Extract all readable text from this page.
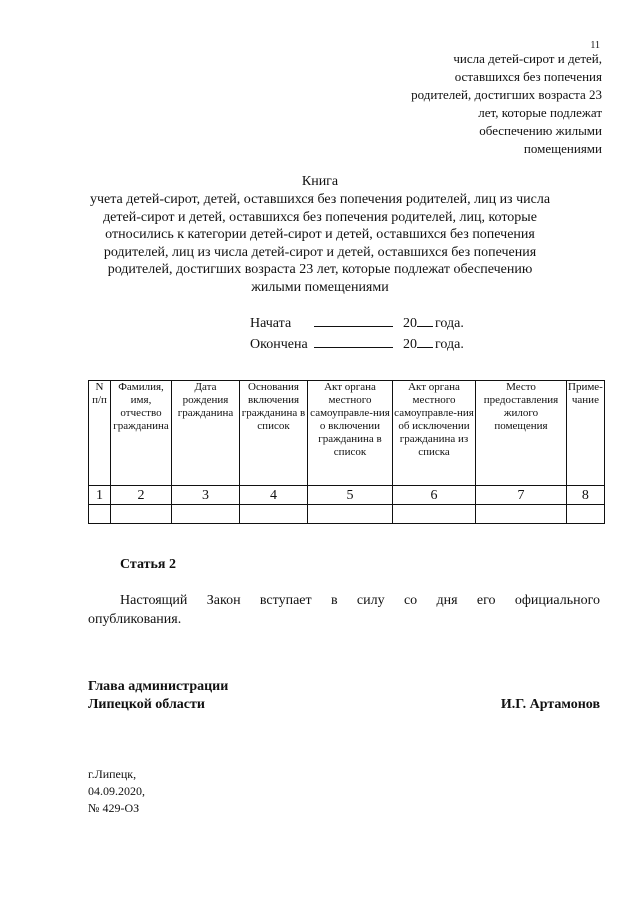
11
числа детей-сирот и детей,
оставшихся без попечения
родителей, достигших возраста 23
лет, которые подлежат
обеспечению жилыми
помещениями
Книга
учета детей-сирот, детей, оставшихся без попечения родителей, лиц из числа
детей-сирот и детей, оставшихся без попечения родителей, лиц, которые
относились к категории детей-сирот и детей, оставшихся без попечения
родителей, лиц из числа детей-сирот и детей, оставшихся без попечения
родителей, достигших возраста 23 лет, которые подлежат обеспечению
жилыми помещениями
Начата	20 года.
Окончена	20 года.
N п/п	Фамилия, имя, отчество гражданина	Дата рождения гражданина	Основания включения гражданина в список	Акт органа местного самоуправле-ния о включении гражданина в список	Акт органа местного самоуправле-ния об исключении гражданина из списка	Место предоставления жилого помещения	Приме-чание
1	2	3	4	5	6	7	8

Статья 2
Настоящий Закон вступает в силу со дня его официального
опубликования.
Глава администрации
Липецкой области	И.Г. Артамонов
г.Липецк,
04.09.2020,
№ 429-ОЗ
